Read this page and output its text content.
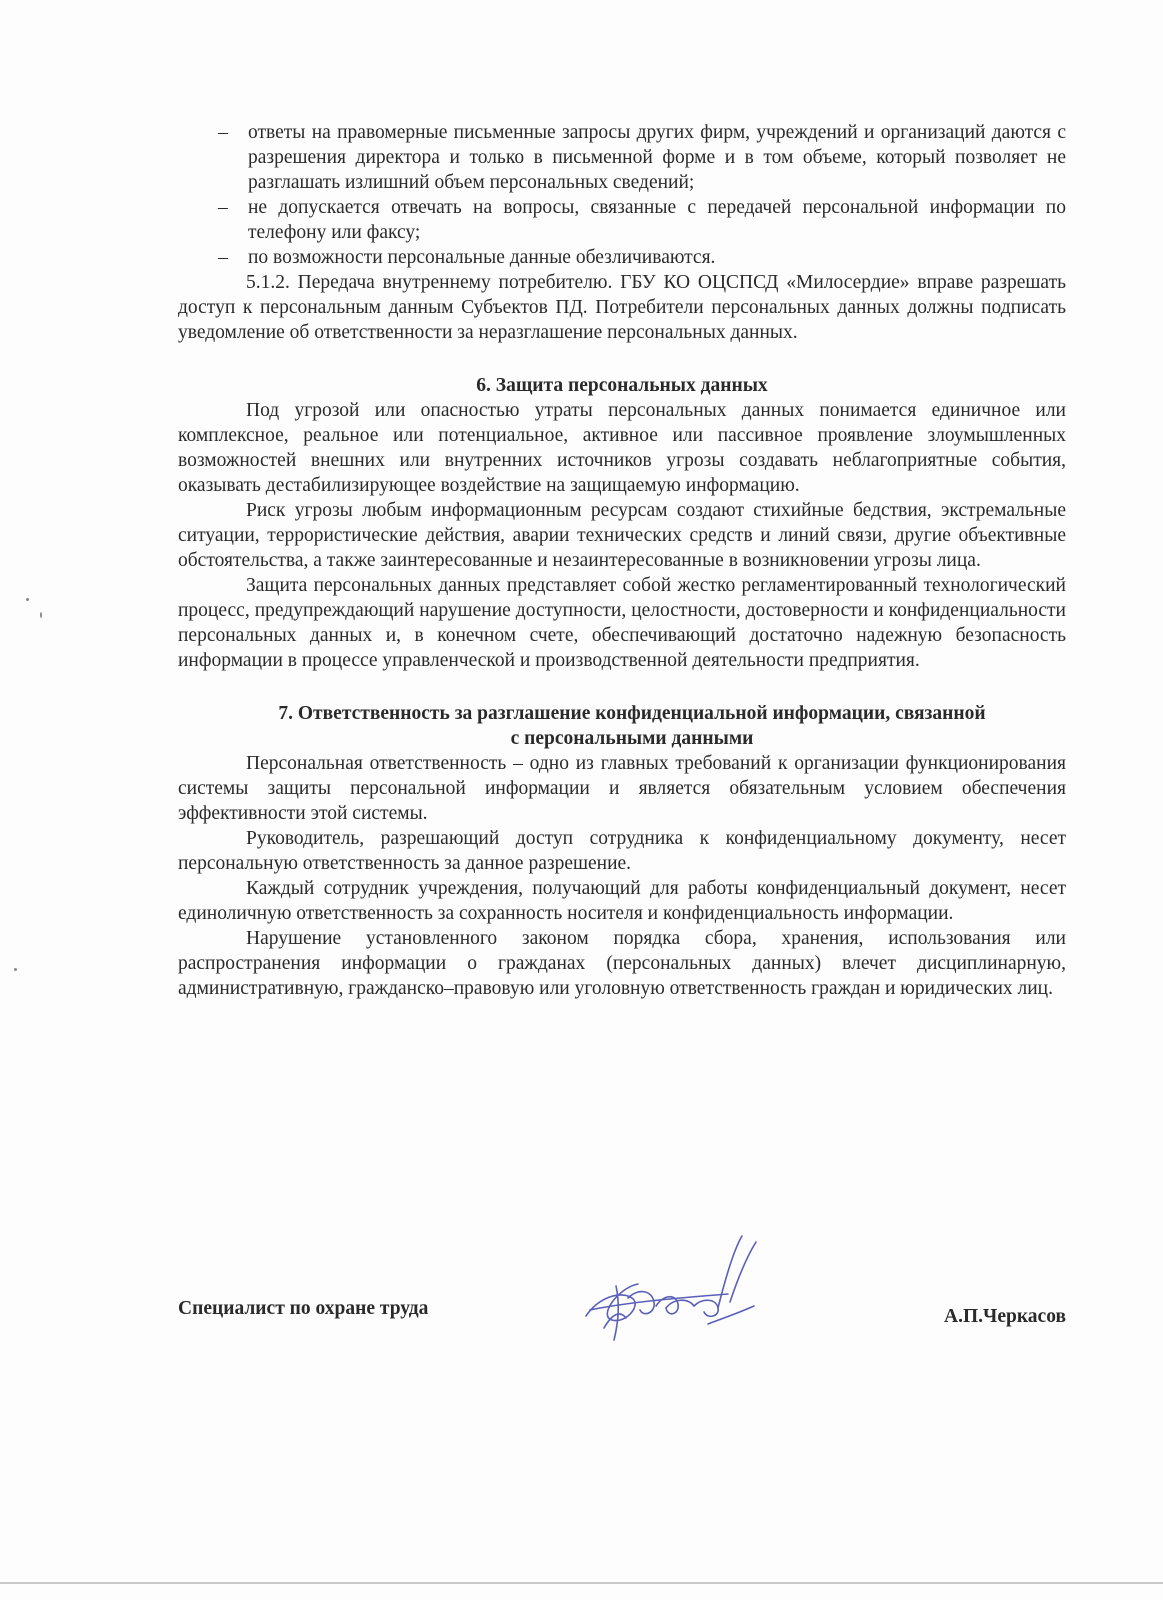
–	ответы на правомерные письменные запросы других фирм, учреждений и организаций даются с разрешения директора и только в письменной форме и в том объеме, который позволяет не разглашать излишний объем персональных сведений;
–	не допускается отвечать на вопросы, связанные с передачей персональной информации по телефону или факсу;
–	по возможности персональные данные обезличиваются.

5.1.2. Передача внутреннему потребителю. ГБУ КО ОЦСПСД «Милосердие» вправе разрешать доступ к персональным данным Субъектов ПД. Потребители персональных данных должны подписать уведомление об ответственности за неразглашение персональных данных.

6. Защита персональных данных

Под угрозой или опасностью утраты персональных данных понимается единичное или комплексное, реальное или потенциальное, активное или пассивное проявление злоумышленных возможностей внешних или внутренних источников угрозы создавать неблагоприятные события, оказывать дестабилизирующее воздействие на защищаемую информацию.

Риск угрозы любым информационным ресурсам создают стихийные бедствия, экстремальные ситуации, террористические действия, аварии технических средств и линий связи, другие объективные обстоятельства, а также заинтересованные и незаинтересованные в возникновении угрозы лица.

Защита персональных данных представляет собой жестко регламентированный технологический процесс, предупреждающий нарушение доступности, целостности, достоверности и конфиденциальности персональных данных и, в конечном счете, обеспечивающий достаточно надежную безопасность информации в процессе управленческой и производственной деятельности предприятия.

7. Ответственность за разглашение конфиденциальной информации, связанной
с персональными данными

Персональная ответственность – одно из главных требований к организации функционирования системы защиты персональной информации и является обязательным условием обеспечения эффективности этой системы.

Руководитель, разрешающий доступ сотрудника к конфиденциальному документу, несет персональную ответственность за данное разрешение.

Каждый сотрудник учреждения, получающий для работы конфиденциальный документ, несет единоличную ответственность за сохранность носителя и конфиденциальность информации.

Нарушение установленного законом порядка сбора, хранения, использования или распространения информации о гражданах (персональных данных) влечет дисциплинарную, административную, гражданско–правовую или уголовную ответственность граждан и юридических лиц.

Специалист по охране труда	А.П.Черкасов
